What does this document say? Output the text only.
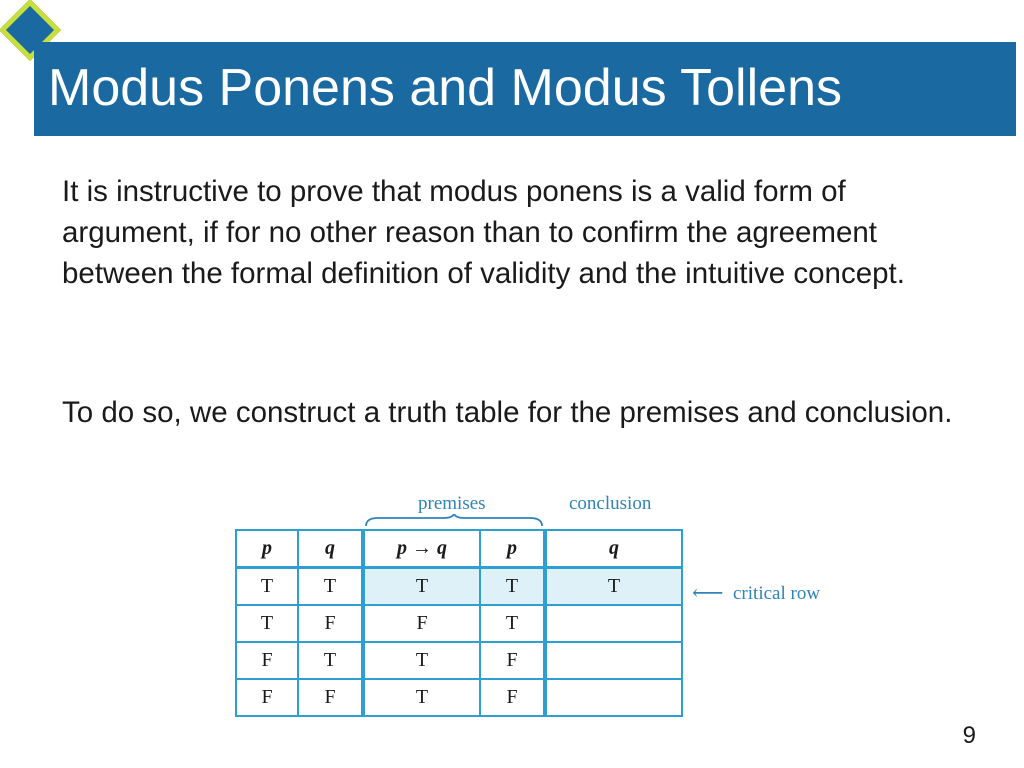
Modus Ponens and Modus Tollens
It is instructive to prove that modus ponens is a valid form of argument, if for no other reason than to confirm the agreement between the formal definition of validity and the intuitive concept.
To do so, we construct a truth table for the premises and conclusion.
premises	conclusion
p	q	p → q	p	q
T	T	T	T	T
T	F	F	T	
F	T	T	F	
F	F	T	F	
⟵ critical row
9
